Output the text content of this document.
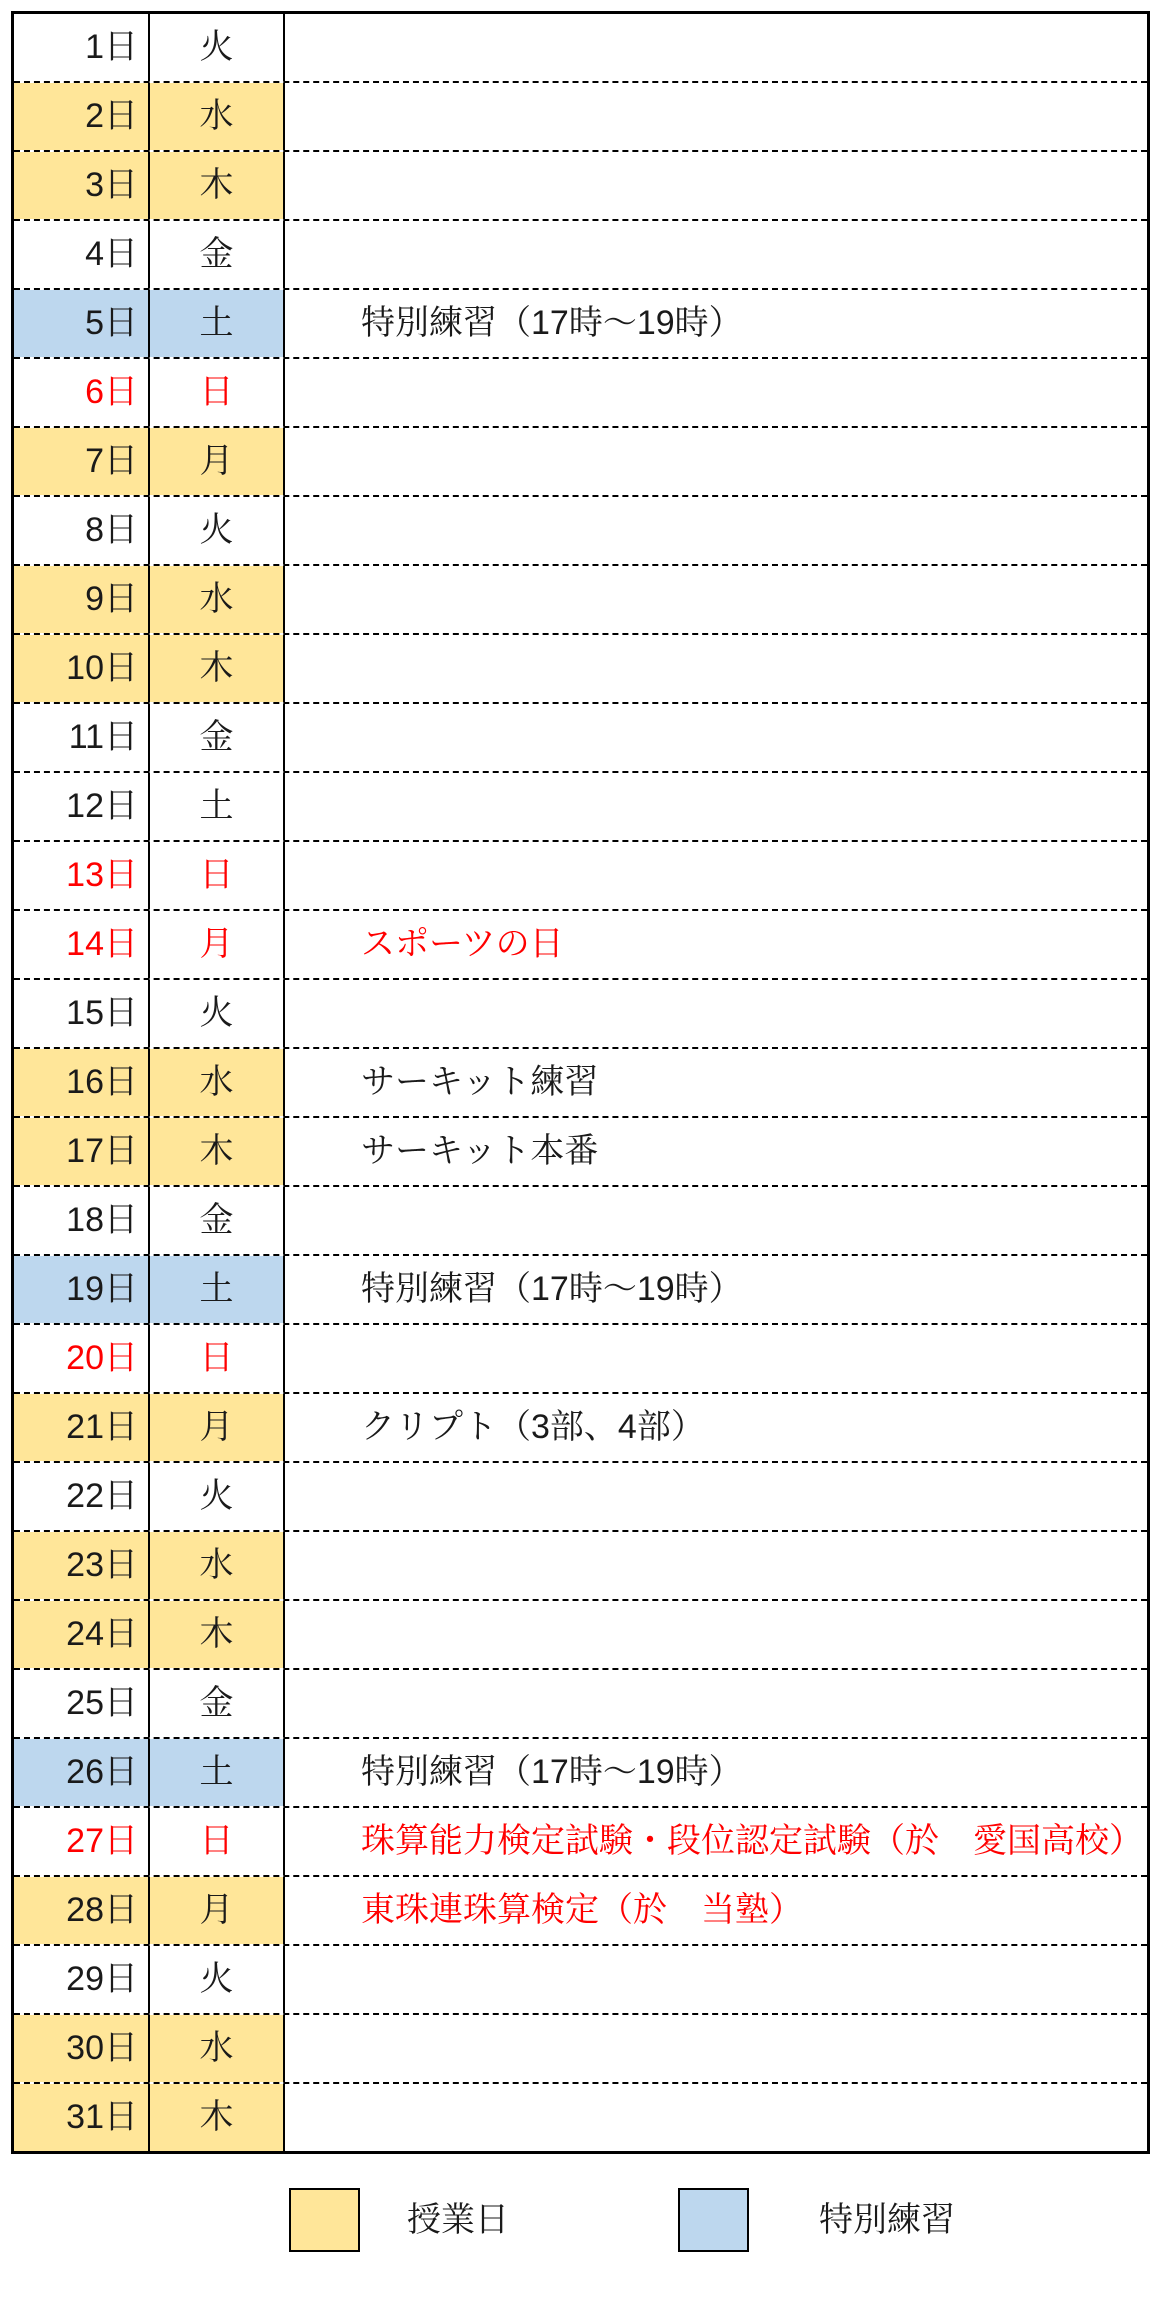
1日	火
2日	水
3日	木
4日	金
5日	土	特別練習（17時～19時）
6日	日
7日	月
8日	火
9日	水
10日	木
11日	金
12日	土
13日	日
14日	月	スポーツの日
15日	火
16日	水	サーキット練習
17日	木	サーキット本番
18日	金
19日	土	特別練習（17時～19時）
20日	日
21日	月	クリプト（3部、4部）
22日	火
23日	水
24日	木
25日	金
26日	土	特別練習（17時～19時）
27日	日	珠算能力検定試験・段位認定試験（於　愛国高校）
28日	月	東珠連珠算検定（於　当塾）
29日	火
30日	水
31日	木
授業日	特別練習
